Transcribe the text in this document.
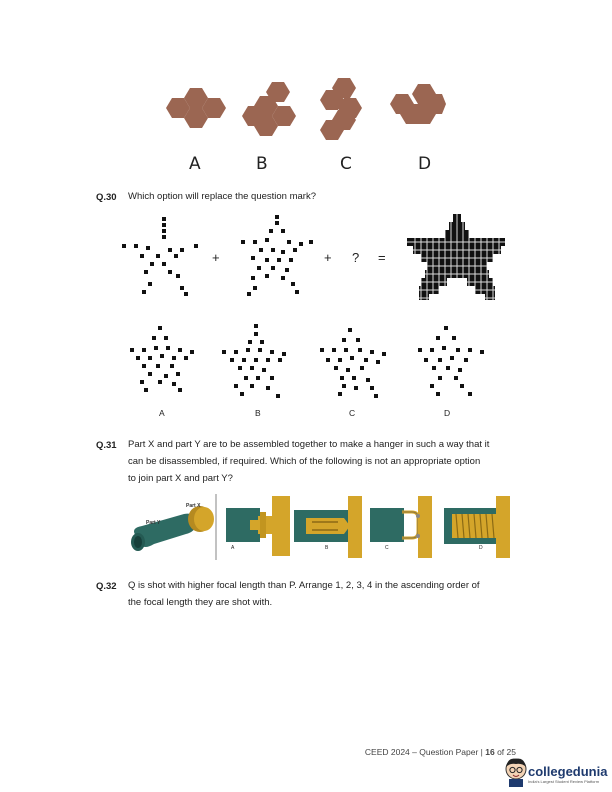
A	B	C	D
Q.30 Which option will replace the question mark?
+	+ ? =
A	B	C	D
Q.31 Part X and part Y are to be assembled together to make a hanger in such a way that it
can be disassembled, if required. Which of the following is not an appropriate option
to join part X and part Y?
Part X
Part Y
A	B	C	D
Q.32 Q is shot with higher focal length than P. Arrange 1, 2, 3, 4 in the ascending order of
the focal length they are shot with.
CEED 2024 – Question Paper | 16 of 25
collegedunia
India's Largest Student Review Platform
